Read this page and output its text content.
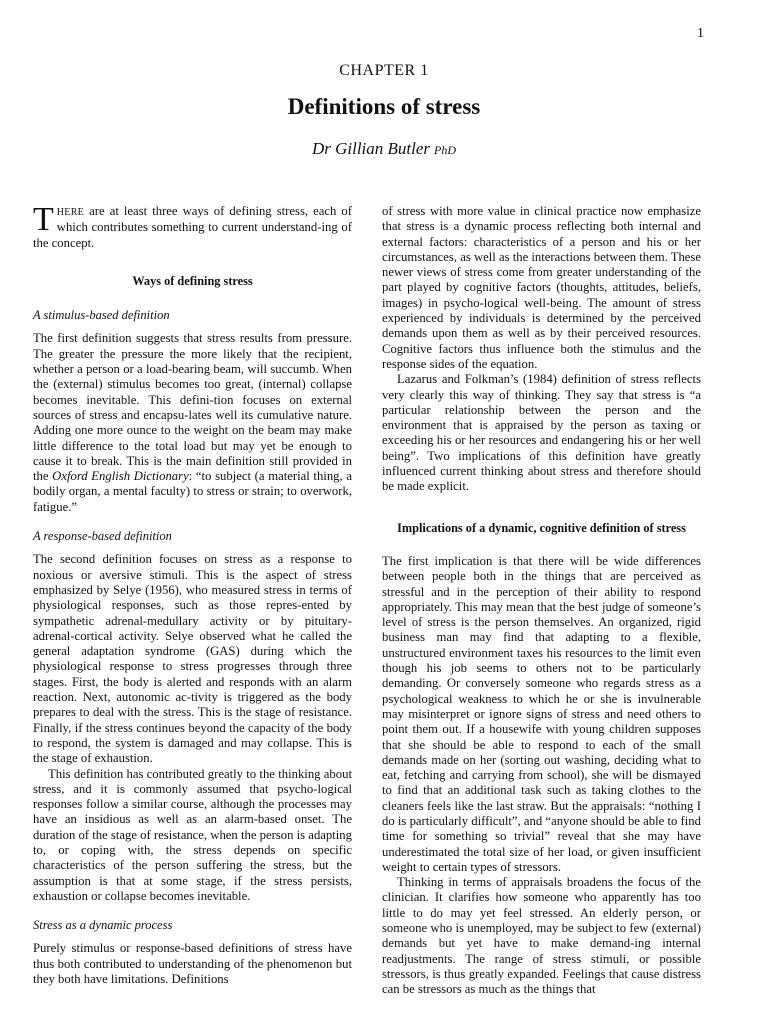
1
CHAPTER 1
Definitions of stress
Dr Gillian Butler PhD

THERE are at least three ways of defining stress, each of which contributes something to current understand-ing of the concept.

Ways of defining stress

A stimulus-based definition

The first definition suggests that stress results from pressure. The greater the pressure the more likely that the recipient, whether a person or a load-bearing beam, will succumb. When the (external) stimulus becomes too great, (internal) collapse becomes inevitable. This defini-tion focuses on external sources of stress and encapsu-lates well its cumulative nature. Adding one more ounce to the weight on the beam may make little difference to the total load but may yet be enough to cause it to break. This is the main definition still provided in the Oxford English Dictionary: “to subject (a material thing, a bodily organ, a mental faculty) to stress or strain; to overwork, fatigue.”

A response-based definition

The second definition focuses on stress as a response to noxious or aversive stimuli. This is the aspect of stress emphasized by Selye (1956), who measured stress in terms of physiological responses, such as those repres-ented by sympathetic adrenal-medullary activity or by pituitary-adrenal-cortical activity. Selye observed what he called the general adaptation syndrome (GAS) during which the physiological response to stress progresses through three stages. First, the body is alerted and responds with an alarm reaction. Next, autonomic ac-tivity is triggered as the body prepares to deal with the stress. This is the stage of resistance. Finally, if the stress continues beyond the capacity of the body to respond, the system is damaged and may collapse. This is the stage of exhaustion.

This definition has contributed greatly to the thinking about stress, and it is commonly assumed that psycho-logical responses follow a similar course, although the processes may have an insidious as well as an alarm-based onset. The duration of the stage of resistance, when the person is adapting to, or coping with, the stress depends on specific characteristics of the person suffering the stress, but the assumption is that at some stage, if the stress persists, exhaustion or collapse becomes inevitable.

Stress as a dynamic process

Purely stimulus or response-based definitions of stress have thus both contributed to understanding of the phenomenon but they both have limitations. Definitions

of stress with more value in clinical practice now emphasize that stress is a dynamic process reflecting both internal and external factors: characteristics of a person and his or her circumstances, as well as the interactions between them. These newer views of stress come from greater understanding of the part played by cognitive factors (thoughts, attitudes, beliefs, images) in psycho-logical well-being. The amount of stress experienced by individuals is determined by the perceived demands upon them as well as by their perceived resources. Cognitive factors thus influence both the stimulus and the response sides of the equation.

Lazarus and Folkman’s (1984) definition of stress reflects very clearly this way of thinking. They say that stress is “a particular relationship between the person and the environment that is appraised by the person as taxing or exceeding his or her resources and endangering his or her well being”. Two implications of this definition have greatly influenced current thinking about stress and therefore should be made explicit.

Implications of a dynamic, cognitive definition of stress

The first implication is that there will be wide differences between people both in the things that are perceived as stressful and in the perception of their ability to respond appropriately. This may mean that the best judge of someone’s level of stress is the person themselves. An organized, rigid business man may find that adapting to a flexible, unstructured environment taxes his resources to the limit even though his job seems to others not to be particularly demanding. Or conversely someone who regards stress as a psychological weakness to which he or she is invulnerable may misinterpret or ignore signs of stress and need others to point them out. If a housewife with young children supposes that she should be able to respond to each of the small demands made on her (sorting out washing, deciding what to eat, fetching and carrying from school), she will be dismayed to find that an additional task such as taking clothes to the cleaners feels like the last straw. But the appraisals: “nothing I do is particularly difficult”, and “anyone should be able to find time for something so trivial” reveal that she may have underestimated the total size of her load, or given insufficient weight to certain types of stressors.

Thinking in terms of appraisals broadens the focus of the clinician. It clarifies how someone who apparently has too little to do may yet feel stressed. An elderly person, or someone who is unemployed, may be subject to few (external) demands but yet have to make demand-ing internal readjustments. The range of stress stimuli, or possible stressors, is thus greatly expanded. Feelings that cause distress can be stressors as much as the things that
